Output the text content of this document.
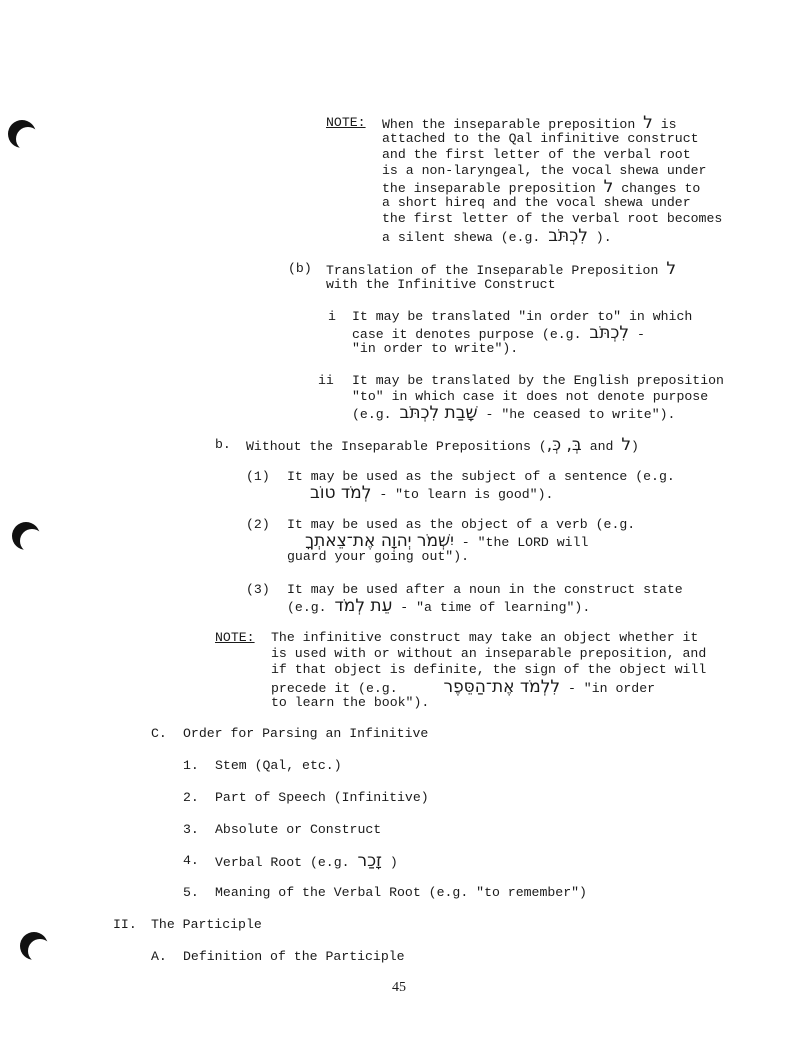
NOTE: When the inseparable preposition ל is
attached to the Qal infinitive construct
and the first letter of the verbal root
is a non-laryngeal, the vocal shewa under
the inseparable preposition ל changes to
a short hireq and the vocal shewa under
the first letter of the verbal root becomes
a silent shewa (e.g. לִכְתֹּב ).
(b) Translation of the Inseparable Preposition ל
with the Infinitive Construct
i It may be translated "in order to" in which
case it denotes purpose (e.g. לִכְתֹּב -
"in order to write").
ii It may be translated by the English preposition
"to" in which case it does not denote purpose
(e.g. שָׁבַת לִכְתֹּב - "he ceased to write").
b. Without the Inseparable Prepositions (בְּ, כְּ, and ל)
(1) It may be used as the subject of a sentence (e.g.
לְמֹד טוֹב - "to learn is good").
(2) It may be used as the object of a verb (e.g.
יִשְׁמֹר יְהוָה אֶת־צֵאתְךָ - "the LORD will
guard your going out").
(3) It may be used after a noun in the construct state
(e.g. עֵת לְמֹד - "a time of learning").
NOTE: The infinitive construct may take an object whether it
is used with or without an inseparable preposition, and
if that object is definite, the sign of the object will
precede it (e.g.	לִלְמֹד אֶת־הַסֵּפֶר - "in order
to learn the book").
C. Order for Parsing an Infinitive
1. Stem (Qal, etc.)
2. Part of Speech (Infinitive)
3. Absolute or Construct
4. Verbal Root (e.g. זָכַר )
5. Meaning of the Verbal Root (e.g. "to remember")
II. The Participle
A. Definition of the Participle
45
